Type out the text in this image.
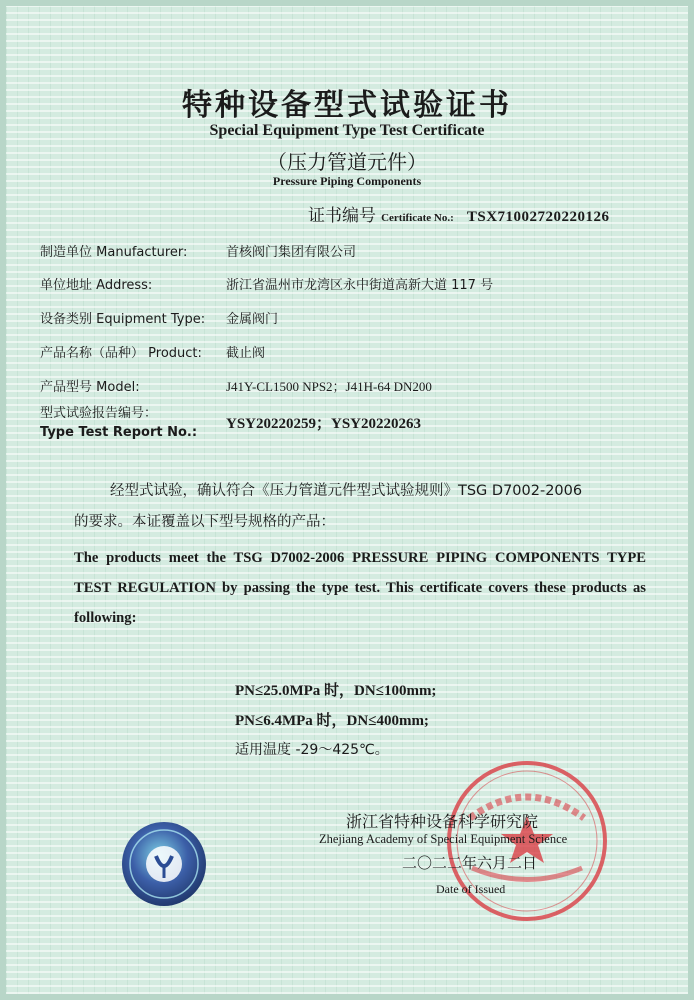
特种设备型式试验证书
Special Equipment Type Test Certificate
（压力管道元件）
Pressure Piping Components
证书编号 Certificate No.: TSX71002720220126
制造单位 Manufacturer:	首核阀门集团有限公司
单位地址 Address:	浙江省温州市龙湾区永中街道高新大道 117 号
设备类别 Equipment Type: 金属阀门
产品名称（品种） Product: 截止阀
产品型号 Model:	J41Y-CL1500 NPS2；J41H-64 DN200
型式试验报告编号：
Type Test Report No.:
YSY20220259；YSY20220263
经型式试验，确认符合《压力管道元件型式试验规则》TSG D7002-2006
的要求。本证覆盖以下型号规格的产品：
The products meet the TSG D7002-2006 PRESSURE PIPING COMPONENTS TYPE TEST REGULATION by passing the type test. This certificate covers these products as following:
PN≤25.0MPa 时，DN≤100mm;
PN≤6.4MPa 时，DN≤400mm;
适用温度 -29～425℃。
浙江省特种设备科学研究院
Zhejiang Academy of Special Equipment Science
二〇二二年六月二日
Date of Issued
